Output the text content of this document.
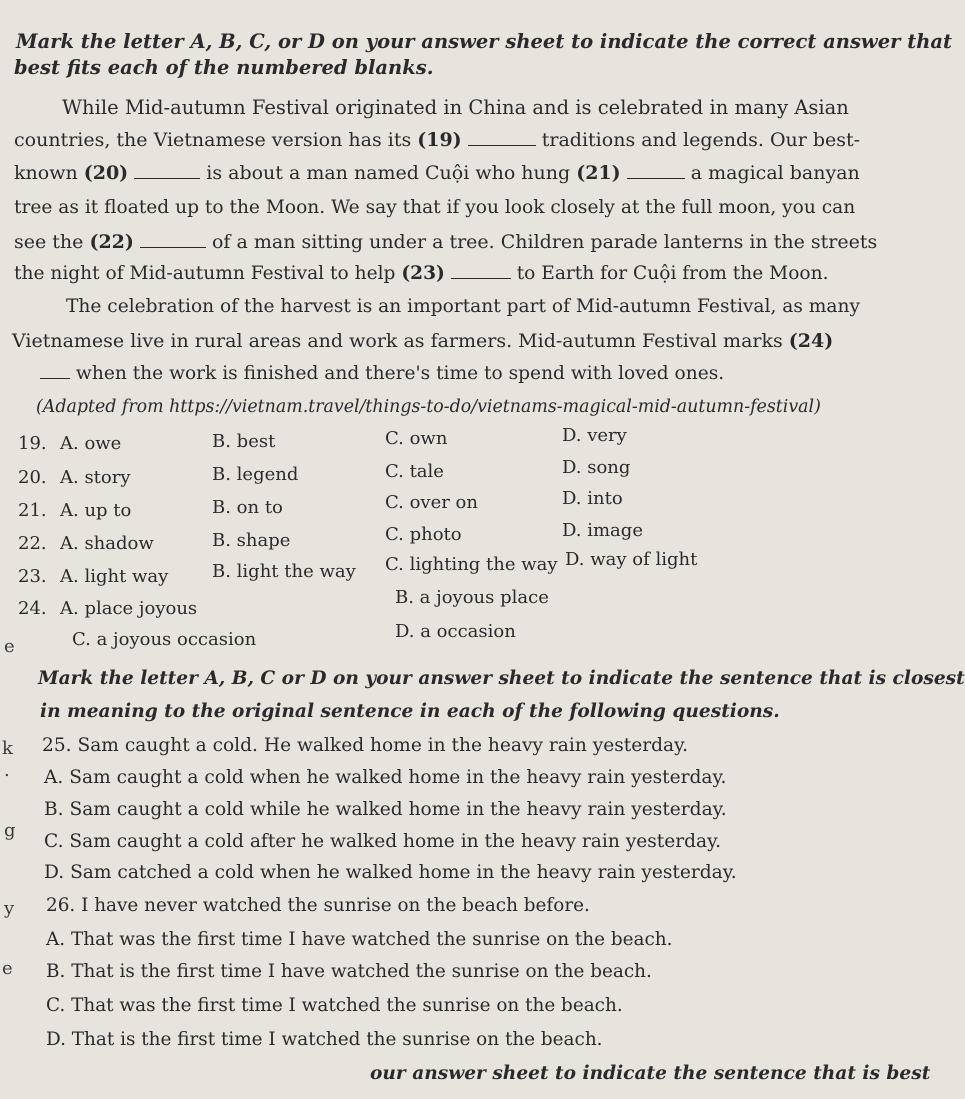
Mark the letter A, B, C, or D on your answer sheet to indicate the correct answer that
best fits each of the numbered blanks.
While Mid-autumn Festival originated in China and is celebrated in many Asian
countries, the Vietnamese version has its (19)	traditions and legends. Our best-
known (20)	is about a man named Cuội who hung (21)	a magical banyan
tree as it floated up to the Moon. We say that if you look closely at the full moon, you can
see the (22)	of a man sitting under a tree. Children parade lanterns in the streets
the night of Mid-autumn Festival to help (23)	to Earth for Cuội from the Moon.
The celebration of the harvest is an important part of Mid-autumn Festival, as many
Vietnamese live in rural areas and work as farmers. Mid-autumn Festival marks (24)
when the work is finished and there's time to spend with loved ones.
(Adapted from https://vietnam.travel/things-to-do/vietnams-magical-mid-autumn-festival)
19. A. owe	B. best	C. own	D. very
20. A. story	B. legend	C. tale	D. song
21. A. up to	B. on to	C. over on	D. into
22. A. shadow	B. shape	C. photo	D. image
23. A. light way B. light the way C. lighting the way D. way of light
24. A. place joyous
B. a joyous place
C. a joyous occasion	D. a occasion
e
k
.
g
y
e
Mark the letter A, B, C or D on your answer sheet to indicate the sentence that is closest
in meaning to the original sentence in each of the following questions.
25. Sam caught a cold. He walked home in the heavy rain yesterday.
A. Sam caught a cold when he walked home in the heavy rain yesterday.
B. Sam caught a cold while he walked home in the heavy rain yesterday.
C. Sam caught a cold after he walked home in the heavy rain yesterday.
D. Sam catched a cold when he walked home in the heavy rain yesterday.
26. I have never watched the sunrise on the beach before.
A. That was the first time I have watched the sunrise on the beach.
B. That is the first time I have watched the sunrise on the beach.
C. That was the first time I watched the sunrise on the beach.
D. That is the first time I watched the sunrise on the beach.
our answer sheet to indicate the sentence that is best
